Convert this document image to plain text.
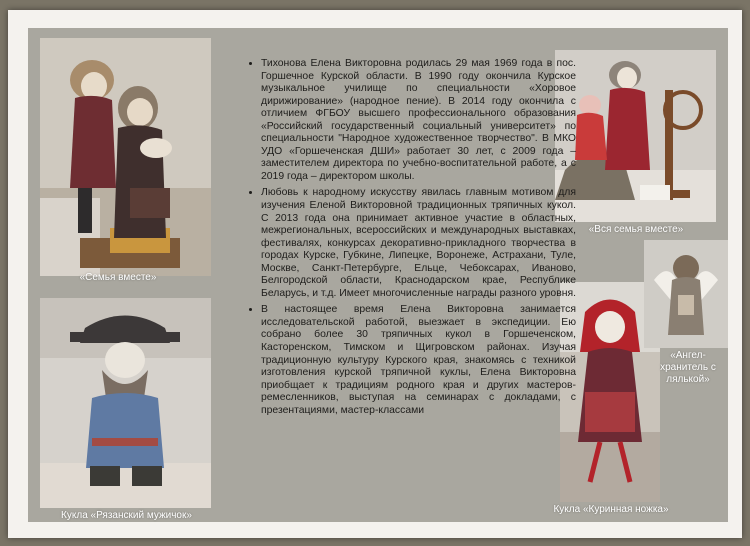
«Семья вместе»
Кукла «Рязанский мужичок»
«Вся семья вместе»
Кукла «Куринная ножка»
«Ангел-хранитель с лялькой»
• Тихонова Елена Викторовна родилась 29 мая 1969 года в пос. Горшечное Курской области. В 1990 году окончила Курское музыкальное училище по специальности «Хоровое дирижирование» (народное пение). В 2014 году окончила с отличием ФГБОУ высшего профессионального образования «Российский государственный социальный университет» по специальности "Народное художественное творчество". В МКО УДО «Горшеченская ДШИ» работает 30 лет, с 2009 года – заместителем директора по учебно-воспитательной работе, а с 2019 года – директором школы.
• Любовь к народному искусству явилась главным мотивом для изучения Еленой Викторовной традиционных тряпичных кукол. С 2013 года она принимает активное участие в областных, межрегиональных, всероссийских и международных выставках, фестивалях, конкурсах декоративно-прикладного творчества в городах Курске, Губкине, Липецке, Воронеже, Астрахани, Туле, Москве, Санкт-Петербурге, Ельце, Чебоксарах, Иваново, Белгородской области, Краснодарском крае, Республике Беларусь, и т.д. Имеет многочисленные награды разного уровня.
• В настоящее время Елена Викторовна занимается исследовательской работой, выезжает в экспедиции. Ею собрано более 30 тряпичных кукол в Горшеченском, Касторенском, Тимском и Щигровском районах. Изучая традиционную культуру Курского края, знакомясь с техникой изготовления курской тряпичной куклы, Елена Викторовна приобщает к традициям родного края и других мастеров-ремесленников, выступая на семинарах с докладами, с презентациями, мастер-классами
